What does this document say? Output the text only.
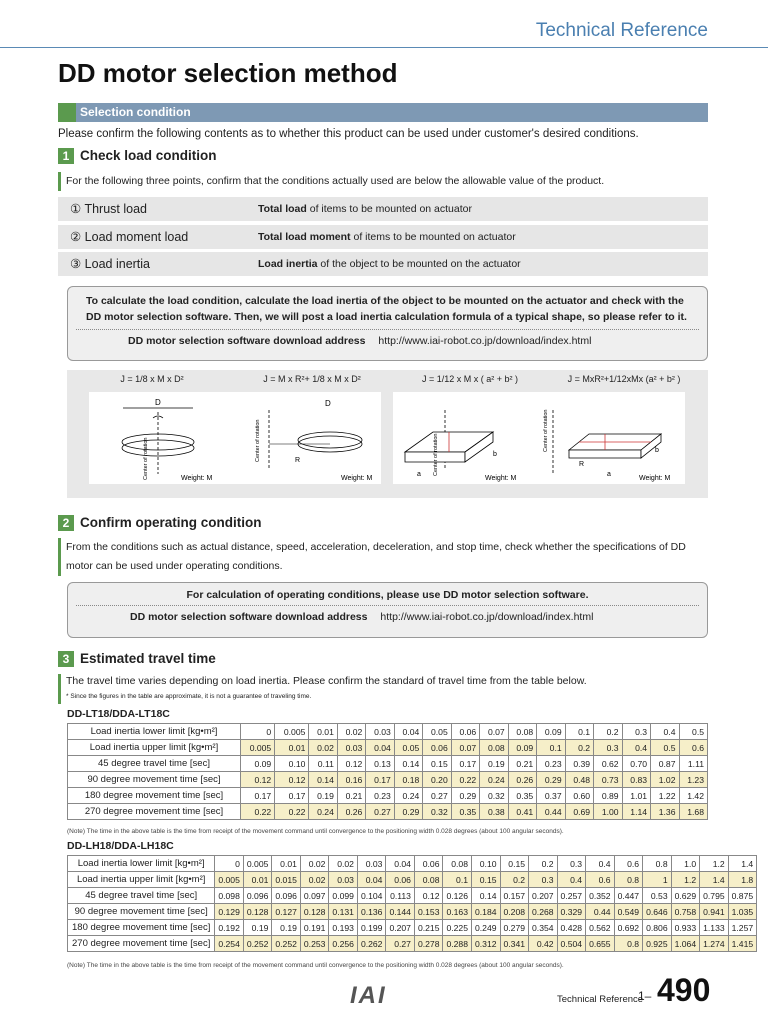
Technical Reference
DD motor selection method
Selection condition
Please confirm the following contents as to whether this product can be used under customer's desired conditions.
1 Check load condition
For the following three points, confirm that the conditions actually used are below the allowable value of the product.
① Thrust load	Total load of items to be mounted on actuator
② Load moment load	Total load moment of items to be mounted on actuator
③ Load inertia	Load inertia of the object to be mounted on the actuator
To calculate the load condition, calculate the load inertia of the object to be mounted on the actuator and check with the DD motor selection software. Then, we will post a load inertia calculation formula of a typical shape, so please refer to it.
DD motor selection software download address http://www.iai-robot.co.jp/download/index.html
J = 1/8 x M x D²	J = M x R²+ 1/8 x M x D²	J = 1/12 x M x ( a² + b² )	J = MxR²+1/12xMx (a² + b² )
D
Center of rotation	Weight: M
D
R
Center of rotation
Weight: M
b
a Center of rotation
Weight: M
R
b
a
Center of rotation
Weight: M
2 Confirm operating condition
From the conditions such as actual distance, speed, acceleration, deceleration, and stop time, check whether the specifications of DD motor can be used under operating conditions.
For calculation of operating conditions, please use DD motor selection software.
DD motor selection software download address http://www.iai-robot.co.jp/download/index.html
3 Estimated travel time
The travel time varies depending on load inertia. Please confirm the standard of travel time from the table below.
* Since the figures in the table are approximate, it is not a guarantee of traveling time.
DD-LT18/DDA-LT18C
Load inertia lower limit [kg•m²]	0	0.005	0.01	0.02	0.03	0.04	0.05	0.06	0.07	0.08	0.09	0.1	0.2	0.3	0.4	0.5
Load inertia upper limit [kg•m²]	0.005	0.01	0.02	0.03	0.04	0.05	0.06	0.07	0.08	0.09	0.1	0.2	0.3	0.4	0.5	0.6
45 degree travel time [sec]	0.09	0.10	0.11	0.12	0.13	0.14	0.15	0.17	0.19	0.21	0.23	0.39	0.62	0.70	0.87	1.11
90 degree movement time [sec]	0.12	0.12	0.14	0.16	0.17	0.18	0.20	0.22	0.24	0.26	0.29	0.48	0.73	0.83	1.02	1.23
180 degree movement time [sec]	0.17	0.17	0.19	0.21	0.23	0.24	0.27	0.29	0.32	0.35	0.37	0.60	0.89	1.01	1.22	1.42
270 degree movement time [sec]	0.22	0.22	0.24	0.26	0.27	0.29	0.32	0.35	0.38	0.41	0.44	0.69	1.00	1.14	1.36	1.68
(Note) The time in the above table is the time from receipt of the movement command until convergence to the positioning width 0.028 degrees (about 100 angular seconds).
DD-LH18/DDA-LH18C
Load inertia lower limit [kg•m²]	0	0.005	0.01	0.02	0.02	0.03	0.04	0.06	0.08	0.10	0.15	0.2	0.3	0.4	0.6	0.8	1.0	1.2	1.4
Load inertia upper limit [kg•m²]	0.005	0.01	0.015	0.02	0.03	0.04	0.06	0.08	0.1	0.15	0.2	0.3	0.4	0.6	0.8	1	1.2	1.4	1.8
45 degree travel time [sec]	0.098	0.096	0.096	0.097	0.099	0.104	0.113	0.12	0.126	0.14	0.157	0.207	0.257	0.352	0.447	0.53	0.629	0.795	0.875
90 degree movement time [sec]	0.129	0.128	0.127	0.128	0.131	0.136	0.144	0.153	0.163	0.184	0.208	0.268	0.329	0.44	0.549	0.646	0.758	0.941	1.035
180 degree movement time [sec]	0.192	0.19	0.19	0.191	0.193	0.199	0.207	0.215	0.225	0.249	0.279	0.354	0.428	0.562	0.692	0.806	0.933	1.133	1.257
270 degree movement time [sec]	0.254	0.252	0.252	0.253	0.256	0.262	0.27	0.278	0.288	0.312	0.341	0.42	0.504	0.655	0.8	0.925	1.064	1.274	1.415
(Note) The time in the above table is the time from receipt of the movement command until convergence to the positioning width 0.028 degrees (about 100 angular seconds).
IAI	Technical Reference
1– 490
